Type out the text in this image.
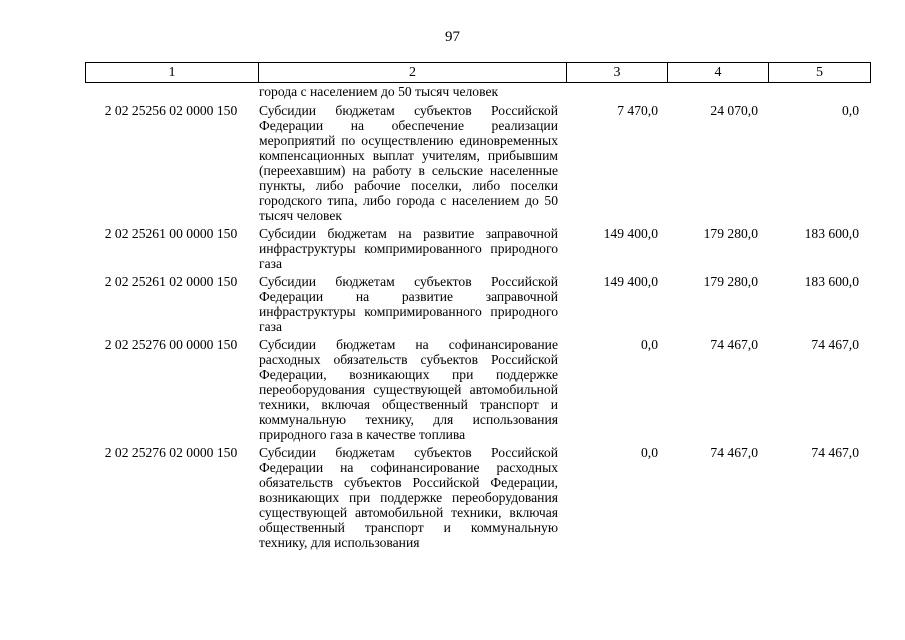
97
1	2	3	4	5
	города с населением до 50 тысяч человек			
2 02 25256 02 0000 150	Субсидии бюджетам субъектов Российской Федерации на обеспечение реализации мероприятий по осуществлению единовременных компенсационных выплат учителям, прибывшим (переехавшим) на работу в сельские населенные пункты, либо рабочие поселки, либо поселки городского типа, либо города с населением до 50 тысяч человек	7 470,0	24 070,0	0,0
2 02 25261 00 0000 150	Субсидии бюджетам на развитие заправочной инфраструктуры компримированного природного газа	149 400,0	179 280,0	183 600,0
2 02 25261 02 0000 150	Субсидии бюджетам субъектов Российской Федерации на развитие заправочной инфраструктуры компримированного природного газа	149 400,0	179 280,0	183 600,0
2 02 25276 00 0000 150	Субсидии бюджетам на софинансирование расходных обязательств субъектов Российской Федерации, возникающих при поддержке переоборудования существующей автомобильной техники, включая общественный транспорт и коммунальную технику, для использования природного газа в качестве топлива	0,0	74 467,0	74 467,0
2 02 25276 02 0000 150	Субсидии бюджетам субъектов Российской Федерации на софинансирование расходных обязательств субъектов Российской Федерации, возникающих при поддержке переоборудования существующей автомобильной техники, включая общественный транспорт и коммунальную технику, для использования	0,0	74 467,0	74 467,0
